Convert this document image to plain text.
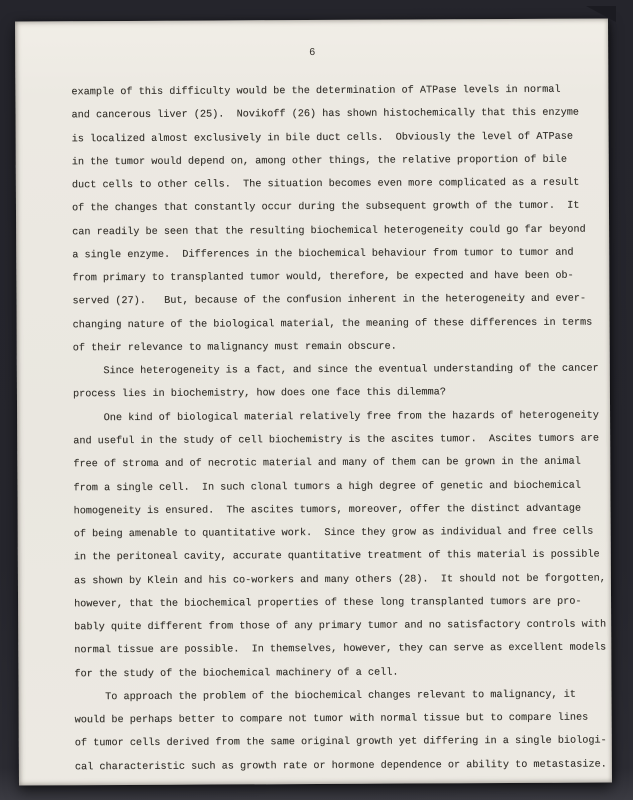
6
example of this difficulty would be the determination of ATPase levels in normal
and cancerous liver (25).  Novikoff (26) has shown histochemically that this enzyme
is localized almost exclusively in bile duct cells.  Obviously the level of ATPase
in the tumor would depend on, among other things, the relative proportion of bile
duct cells to other cells.  The situation becomes even more complicated as a result
of the changes that constantly occur during the subsequent growth of the tumor.  It
can readily be seen that the resulting biochemical heterogeneity could go far beyond
a single enzyme.  Differences in the biochemical behaviour from tumor to tumor and
from primary to transplanted tumor would, therefore, be expected and have been ob-
served (27).   But, because of the confusion inherent in the heterogeneity and ever-
changing nature of the biological material, the meaning of these differences in terms
of their relevance to malignancy must remain obscure.
Since heterogeneity is a fact, and since the eventual understanding of the cancer
process lies in biochemistry, how does one face this dilemma?
One kind of biological material relatively free from the hazards of heterogeneity
and useful in the study of cell biochemistry is the ascites tumor.  Ascites tumors are
free of stroma and of necrotic material and many of them can be grown in the animal
from a single cell.  In such clonal tumors a high degree of genetic and biochemical
homogeneity is ensured.  The ascites tumors, moreover, offer the distinct advantage
of being amenable to quantitative work.  Since they grow as individual and free cells
in the peritoneal cavity, accurate quantitative treatment of this material is possible
as shown by Klein and his co-workers and many others (28).  It should not be forgotten,
however, that the biochemical properties of these long transplanted tumors are pro-
bably quite different from those of any primary tumor and no satisfactory controls with
normal tissue are possible.  In themselves, however, they can serve as excellent models
for the study of the biochemical machinery of a cell.
To approach the problem of the biochemical changes relevant to malignancy, it
would be perhaps better to compare not tumor with normal tissue but to compare lines
of tumor cells derived from the same original growth yet differing in a single biologi-
cal characteristic such as growth rate or hormone dependence or ability to metastasize.
